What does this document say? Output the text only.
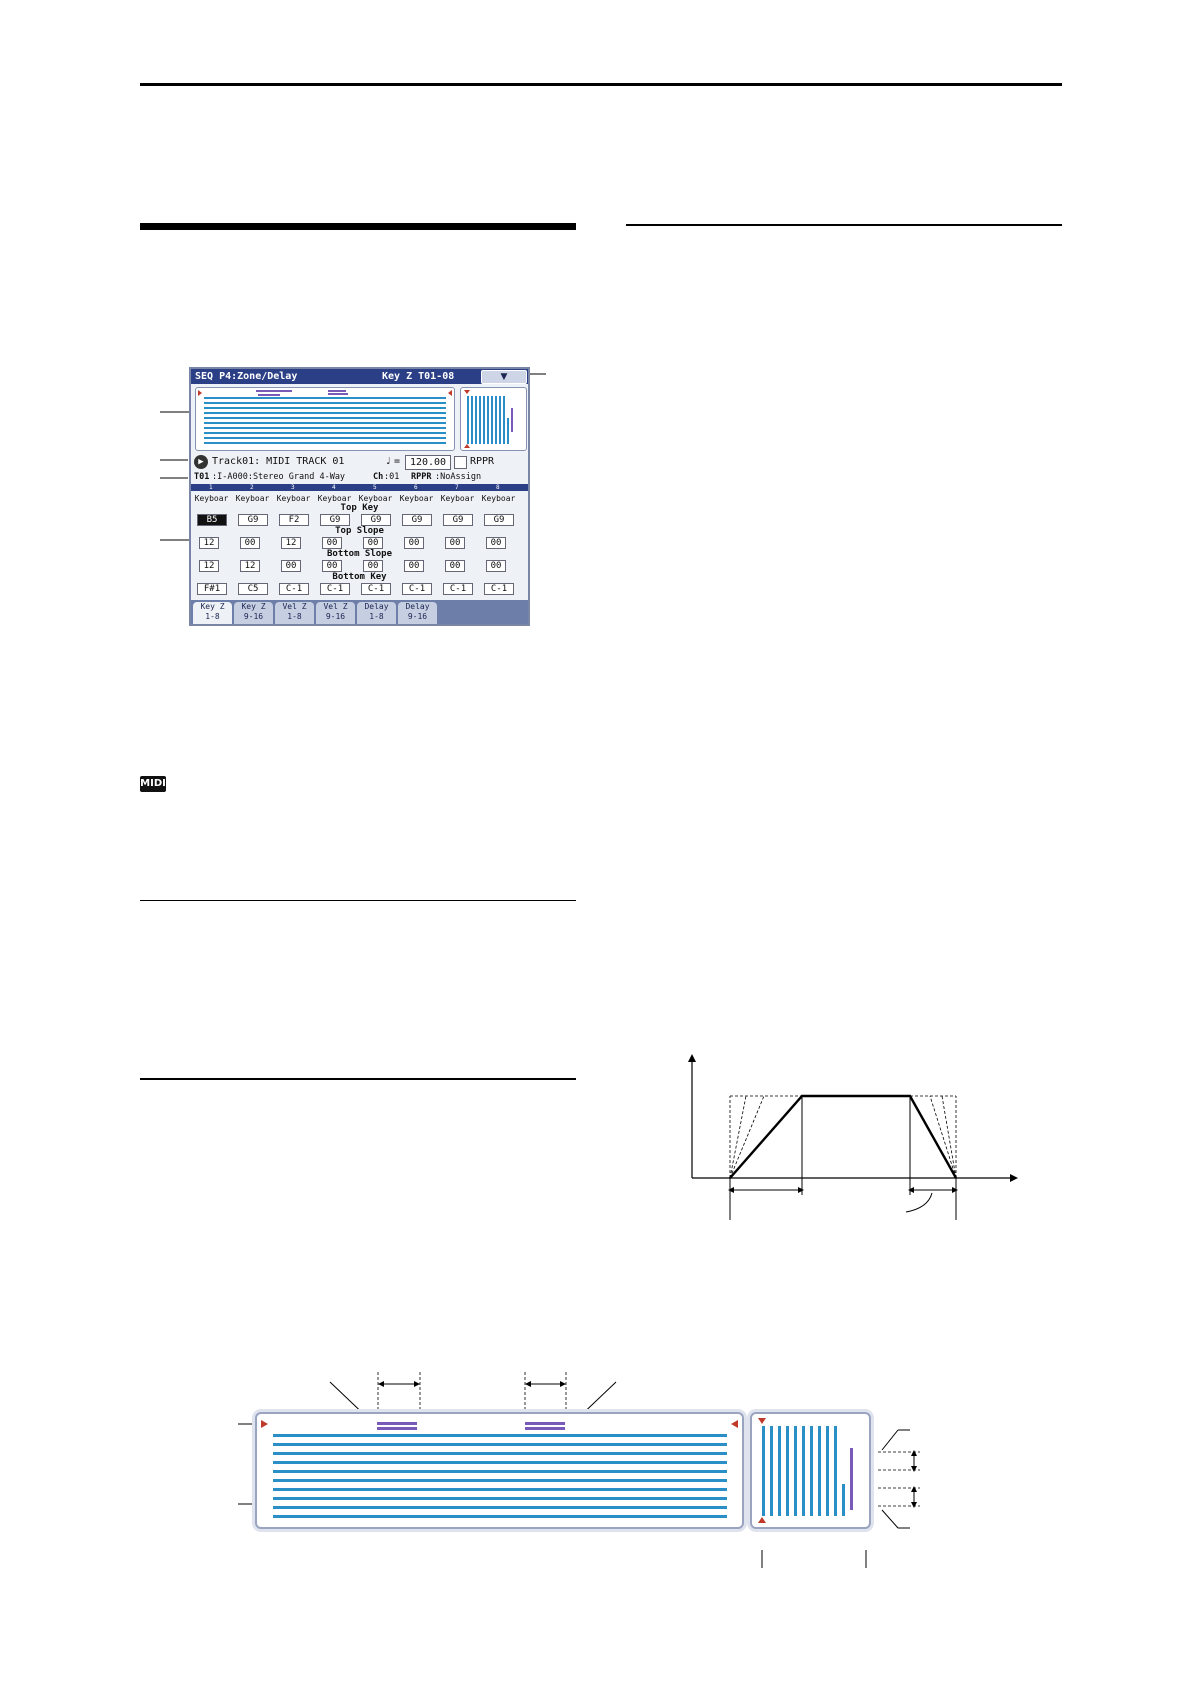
SEQ P4:Zone/Delay	Key Z T01-08	▼
▶ Track01: MIDI TRACK 01	♩ = 120.00	RPPR
T01 :I-A000:Stereo Grand 4-Way	Ch :01 RPPR :NoAssign
1	2	3	4	5	6	7	8
Keyboar Keyboar Keyboar Keyboar Keyboar Keyboar Keyboar Keyboar
Top Key
B5	G9	F2	G9	G9	G9	G9	G9
Top Slope
12	00	12	00	00	00	00	00
Bottom Slope
12	12	00	00	00	00	00	00
Bottom Key
F#1	C5	C-1	C-1	C-1	C-1	C-1	C-1
Key Z
1-8
Key Z
9-16
Vel Z
1-8
Vel Z
9-16
Delay
1-8
Delay
9-16
MIDI
